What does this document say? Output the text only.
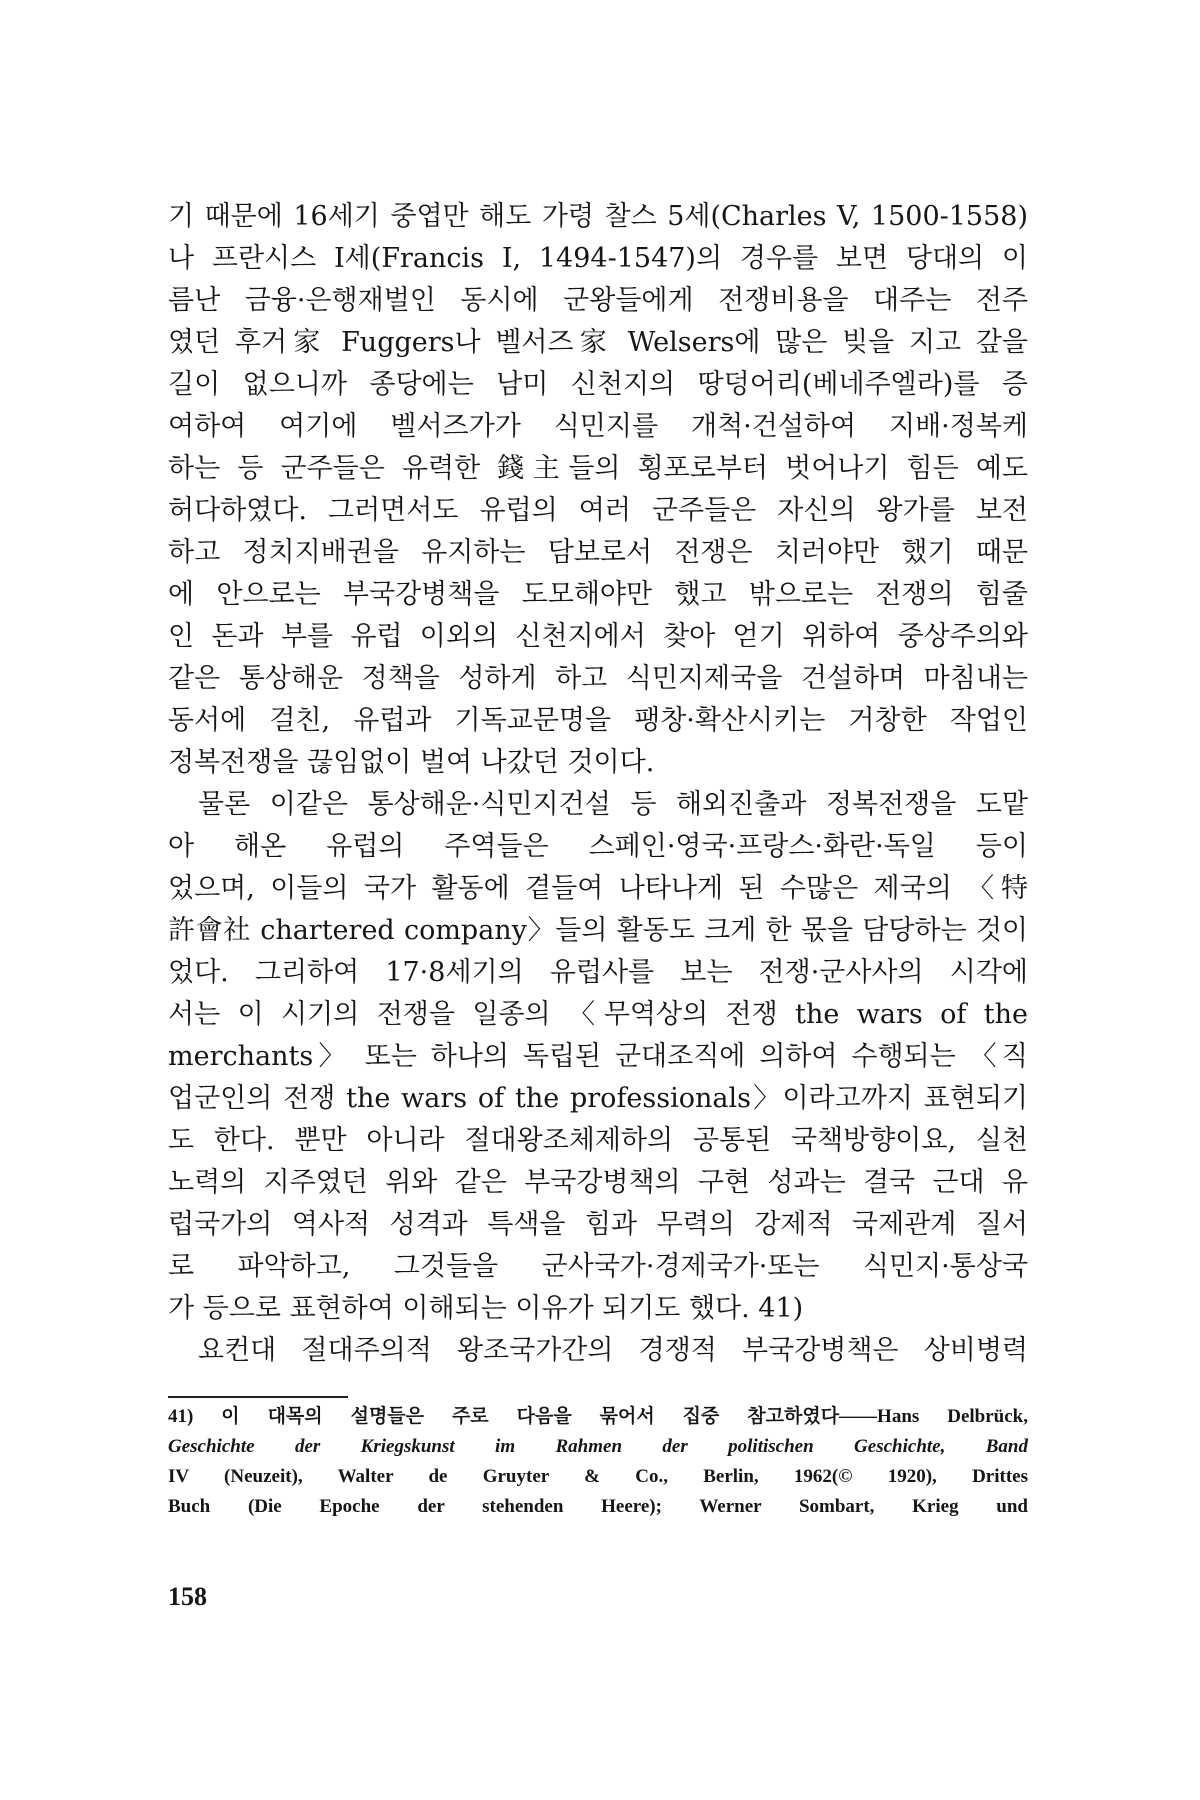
기 때문에 16세기 중엽만 해도 가령 찰스 5세(Charles V, 1500-1558)
나 프란시스 I세(Francis I, 1494-1547)의 경우를 보면 당대의 이
름난 금융·은행재벌인 동시에 군왕들에게 전쟁비용을 대주는 전주
였던 후거家 Fuggers나 벨서즈家 Welsers에 많은 빚을 지고 갚을
길이 없으니까 종당에는 남미 신천지의 땅덩어리(베네주엘라)를 증
여하여 여기에 벨서즈가가 식민지를 개척·건설하여 지배·정복케
하는 등 군주들은 유력한 錢主들의 횡포로부터 벗어나기 힘든 예도
허다하였다. 그러면서도 유럽의 여러 군주들은 자신의 왕가를 보전
하고 정치지배권을 유지하는 담보로서 전쟁은 치러야만 했기 때문
에 안으로는 부국강병책을 도모해야만 했고 밖으로는 전쟁의 힘줄
인 돈과 부를 유럽 이외의 신천지에서 찾아 얻기 위하여 중상주의와
같은 통상해운 정책을 성하게 하고 식민지제국을 건설하며 마침내는
동서에 걸친, 유럽과 기독교문명을 팽창·확산시키는 거창한 작업인
정복전쟁을 끊임없이 벌여 나갔던 것이다.
물론 이같은 통상해운·식민지건설 등 해외진출과 정복전쟁을 도맡
아 해온 유럽의 주역들은 스페인·영국·프랑스·화란·독일 등이
었으며, 이들의 국가 활동에 곁들여 나타나게 된 수많은 제국의 〈特
許會社 chartered company〉들의 활동도 크게 한 몫을 담당하는 것이
었다. 그리하여 17·8세기의 유럽사를 보는 전쟁·군사사의 시각에
서는 이 시기의 전쟁을 일종의 〈무역상의 전쟁 the wars of the
merchants〉 또는 하나의 독립된 군대조직에 의하여 수행되는 〈직
업군인의 전쟁 the wars of the professionals〉이라고까지 표현되기
도 한다. 뿐만 아니라 절대왕조체제하의 공통된 국책방향이요, 실천
노력의 지주였던 위와 같은 부국강병책의 구현 성과는 결국 근대 유
럽국가의 역사적 성격과 특색을 힘과 무력의 강제적 국제관계 질서
로 파악하고, 그것들을 군사국가·경제국가·또는 식민지·통상국
가 등으로 표현하여 이해되는 이유가 되기도 했다. 41)
요컨대 절대주의적 왕조국가간의 경쟁적 부국강병책은 상비병력
41) 이 대목의 설명들은 주로 다음을 묶어서 집중 참고하였다——Hans Delbrück,
Geschichte der Kriegskunst im Rahmen der politischen Geschichte, Band
IV (Neuzeit), Walter de Gruyter & Co., Berlin, 1962(© 1920), Drittes
Buch (Die Epoche der stehenden Heere); Werner Sombart, Krieg und
158
